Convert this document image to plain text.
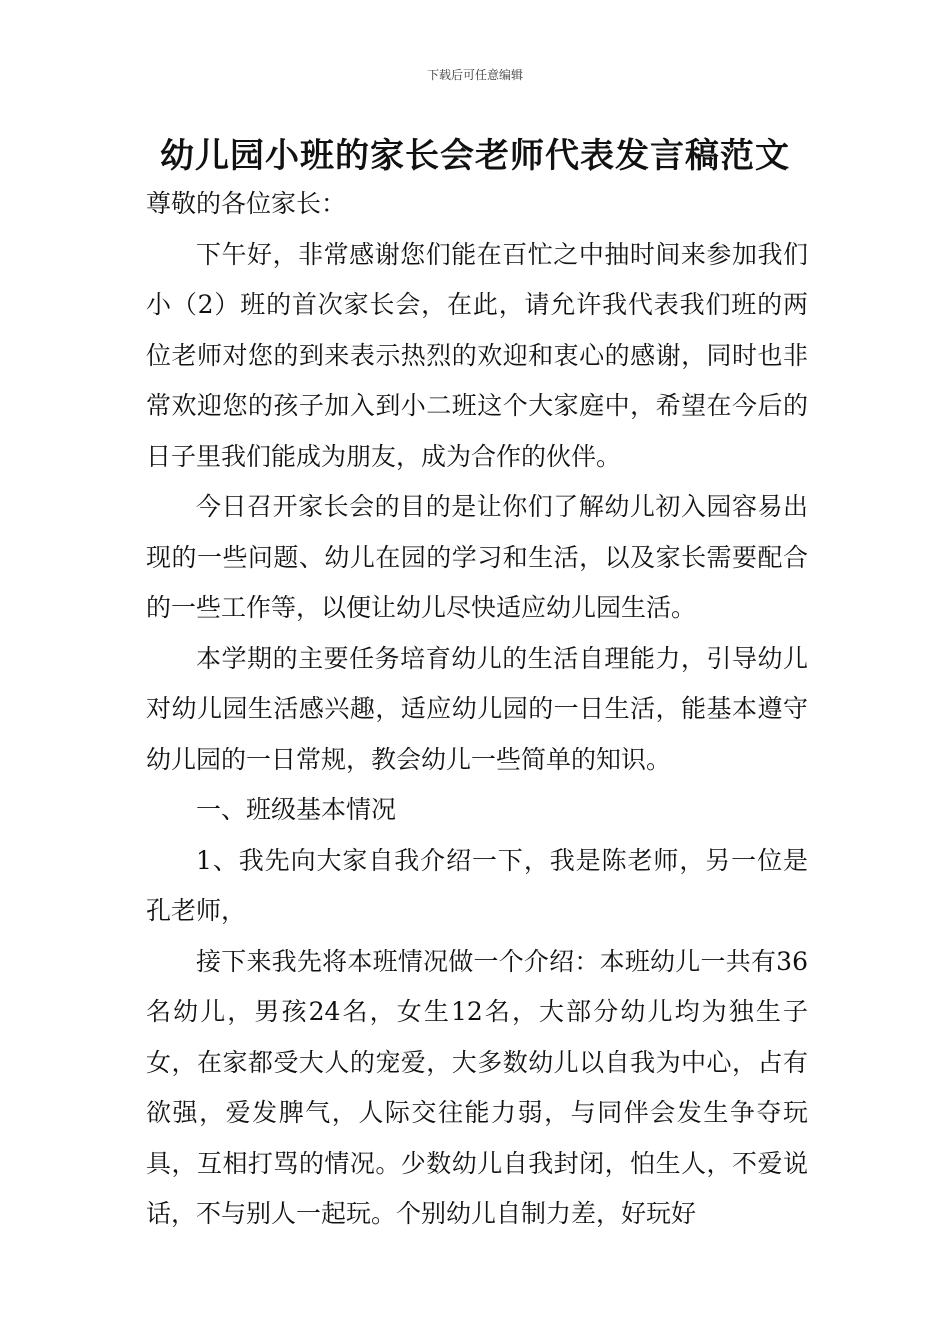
下载后可任意编辑
幼儿园小班的家长会老师代表发言稿范文

尊敬的各位家长：

下午好，非常感谢您们能在百忙之中抽时间来参加我们小（2）班的首次家长会，在此，请允许我代表我们班的两位老师对您的到来表示热烈的欢迎和衷心的感谢，同时也非常欢迎您的孩子加入到小二班这个大家庭中，希望在今后的日子里我们能成为朋友，成为合作的伙伴。

今日召开家长会的目的是让你们了解幼儿初入园容易出现的一些问题、幼儿在园的学习和生活，以及家长需要配合的一些工作等，以便让幼儿尽快适应幼儿园生活。

本学期的主要任务培育幼儿的生活自理能力，引导幼儿对幼儿园生活感兴趣，适应幼儿园的一日生活，能基本遵守幼儿园的一日常规，教会幼儿一些简单的知识。

一、班级基本情况

1、我先向大家自我介绍一下，我是陈老师，另一位是孔老师，

接下来我先将本班情况做一个介绍：本班幼儿一共有36名幼儿，男孩24名，女生12名，大部分幼儿均为独生子女，在家都受大人的宠爱，大多数幼儿以自我为中心，占有欲强，爱发脾气，人际交往能力弱，与同伴会发生争夺玩具，互相打骂的情况。少数幼儿自我封闭，怕生人，不爱说话，不与别人一起玩。个别幼儿自制力差，好玩好
